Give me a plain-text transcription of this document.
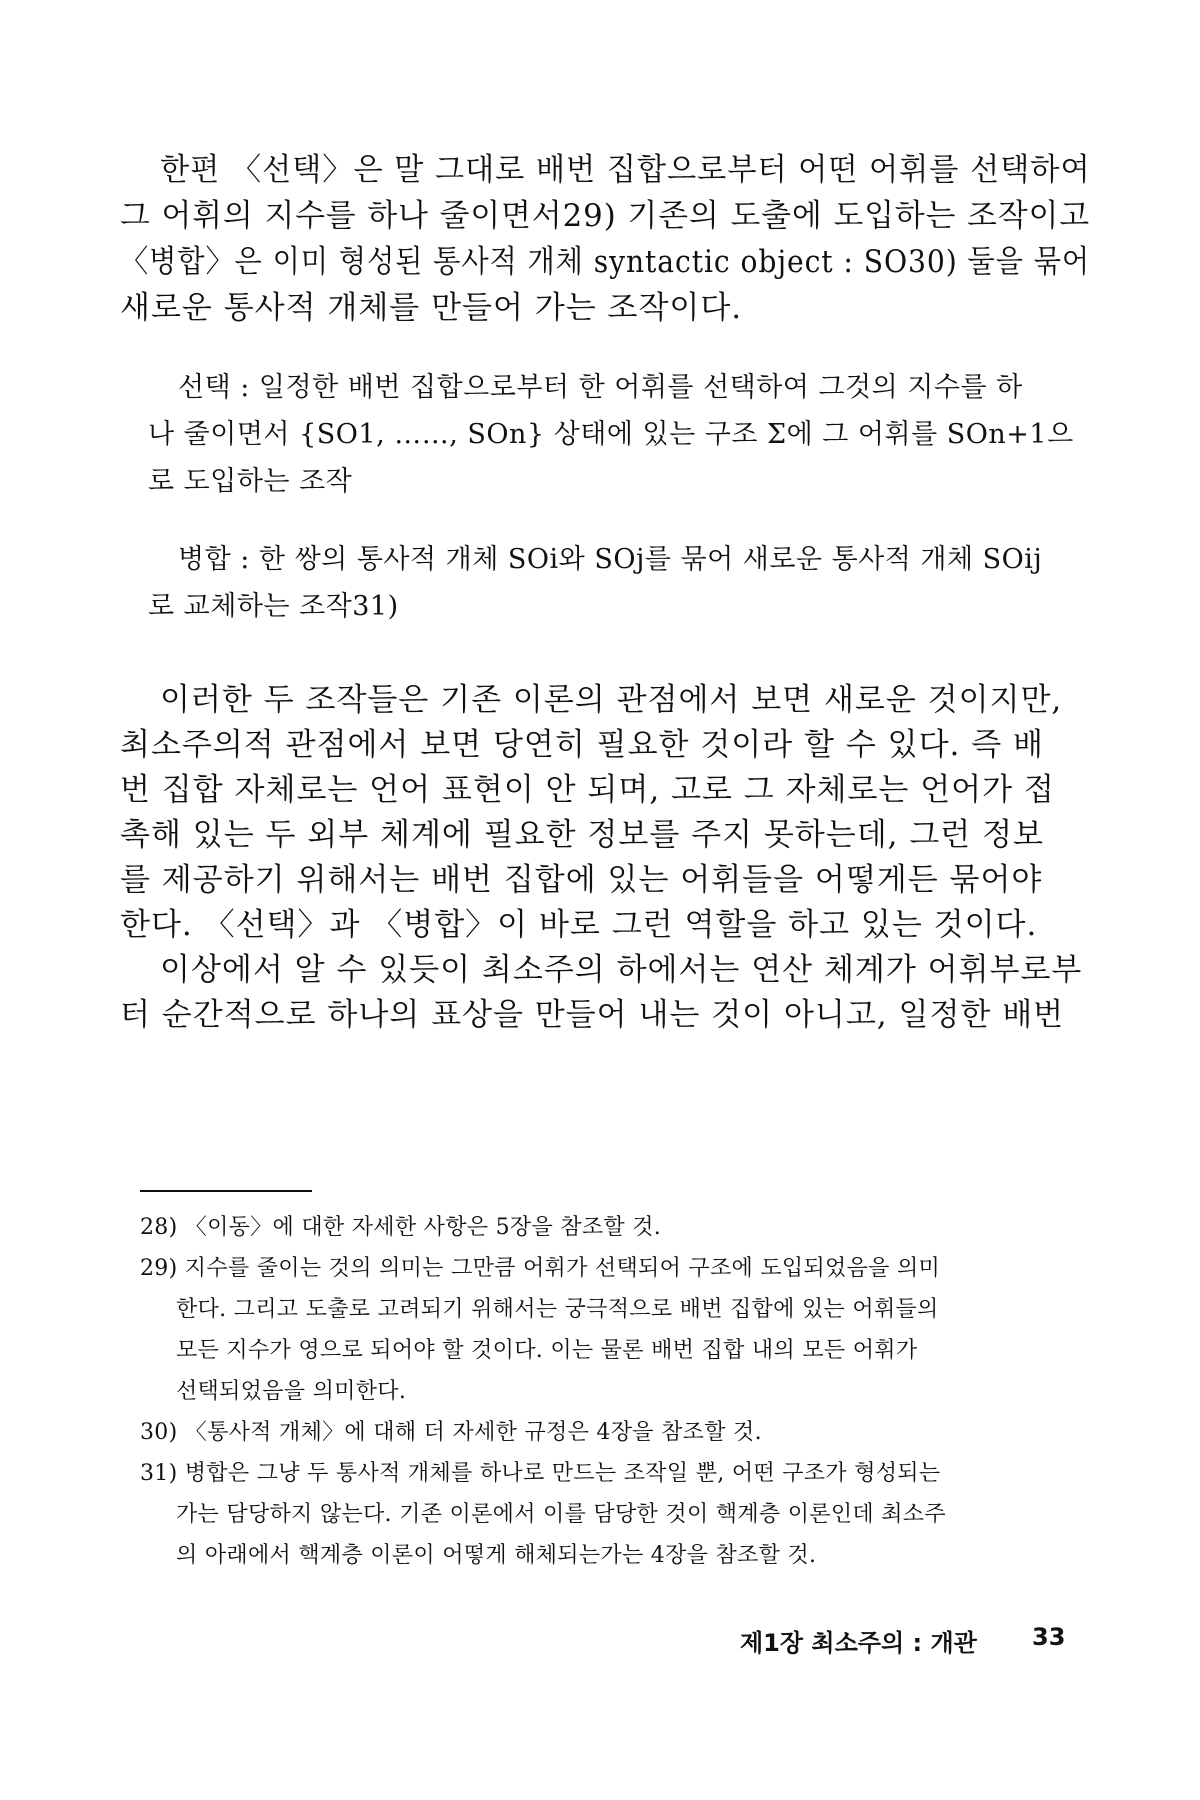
한편 〈선택〉은 말 그대로 배번 집합으로부터 어떤 어휘를 선택하여
그 어휘의 지수를 하나 줄이면서29) 기존의 도출에 도입하는 조작이고
〈병합〉은 이미 형성된 통사적 개체 syntactic object : SO30) 둘을 묶어
새로운 통사적 개체를 만들어 가는 조작이다.
선택 : 일정한 배번 집합으로부터 한 어휘를 선택하여 그것의 지수를 하
나 줄이면서 {SO1, ……, SOn} 상태에 있는 구조 Σ에 그 어휘를 SOn+1으
로 도입하는 조작
병합 : 한 쌍의 통사적 개체 SOi와 SOj를 묶어 새로운 통사적 개체 SOij
로 교체하는 조작31)
이러한 두 조작들은 기존 이론의 관점에서 보면 새로운 것이지만,
최소주의적 관점에서 보면 당연히 필요한 것이라 할 수 있다. 즉 배
번 집합 자체로는 언어 표현이 안 되며, 고로 그 자체로는 언어가 접
촉해 있는 두 외부 체계에 필요한 정보를 주지 못하는데, 그런 정보
를 제공하기 위해서는 배번 집합에 있는 어휘들을 어떻게든 묶어야
한다. 〈선택〉과 〈병합〉이 바로 그런 역할을 하고 있는 것이다.
이상에서 알 수 있듯이 최소주의 하에서는 연산 체계가 어휘부로부
터 순간적으로 하나의 표상을 만들어 내는 것이 아니고, 일정한 배번
28) 〈이동〉에 대한 자세한 사항은 5장을 참조할 것.
29) 지수를 줄이는 것의 의미는 그만큼 어휘가 선택되어 구조에 도입되었음을 의미
한다. 그리고 도출로 고려되기 위해서는 궁극적으로 배번 집합에 있는 어휘들의
모든 지수가 영으로 되어야 할 것이다. 이는 물론 배번 집합 내의 모든 어휘가
선택되었음을 의미한다.
30) 〈통사적 개체〉에 대해 더 자세한 규정은 4장을 참조할 것.
31) 병합은 그냥 두 통사적 개체를 하나로 만드는 조작일 뿐, 어떤 구조가 형성되는
가는 담당하지 않는다. 기존 이론에서 이를 담당한 것이 핵계층 이론인데 최소주
의 아래에서 핵계층 이론이 어떻게 해체되는가는 4장을 참조할 것.
제1장 최소주의 : 개관 33
